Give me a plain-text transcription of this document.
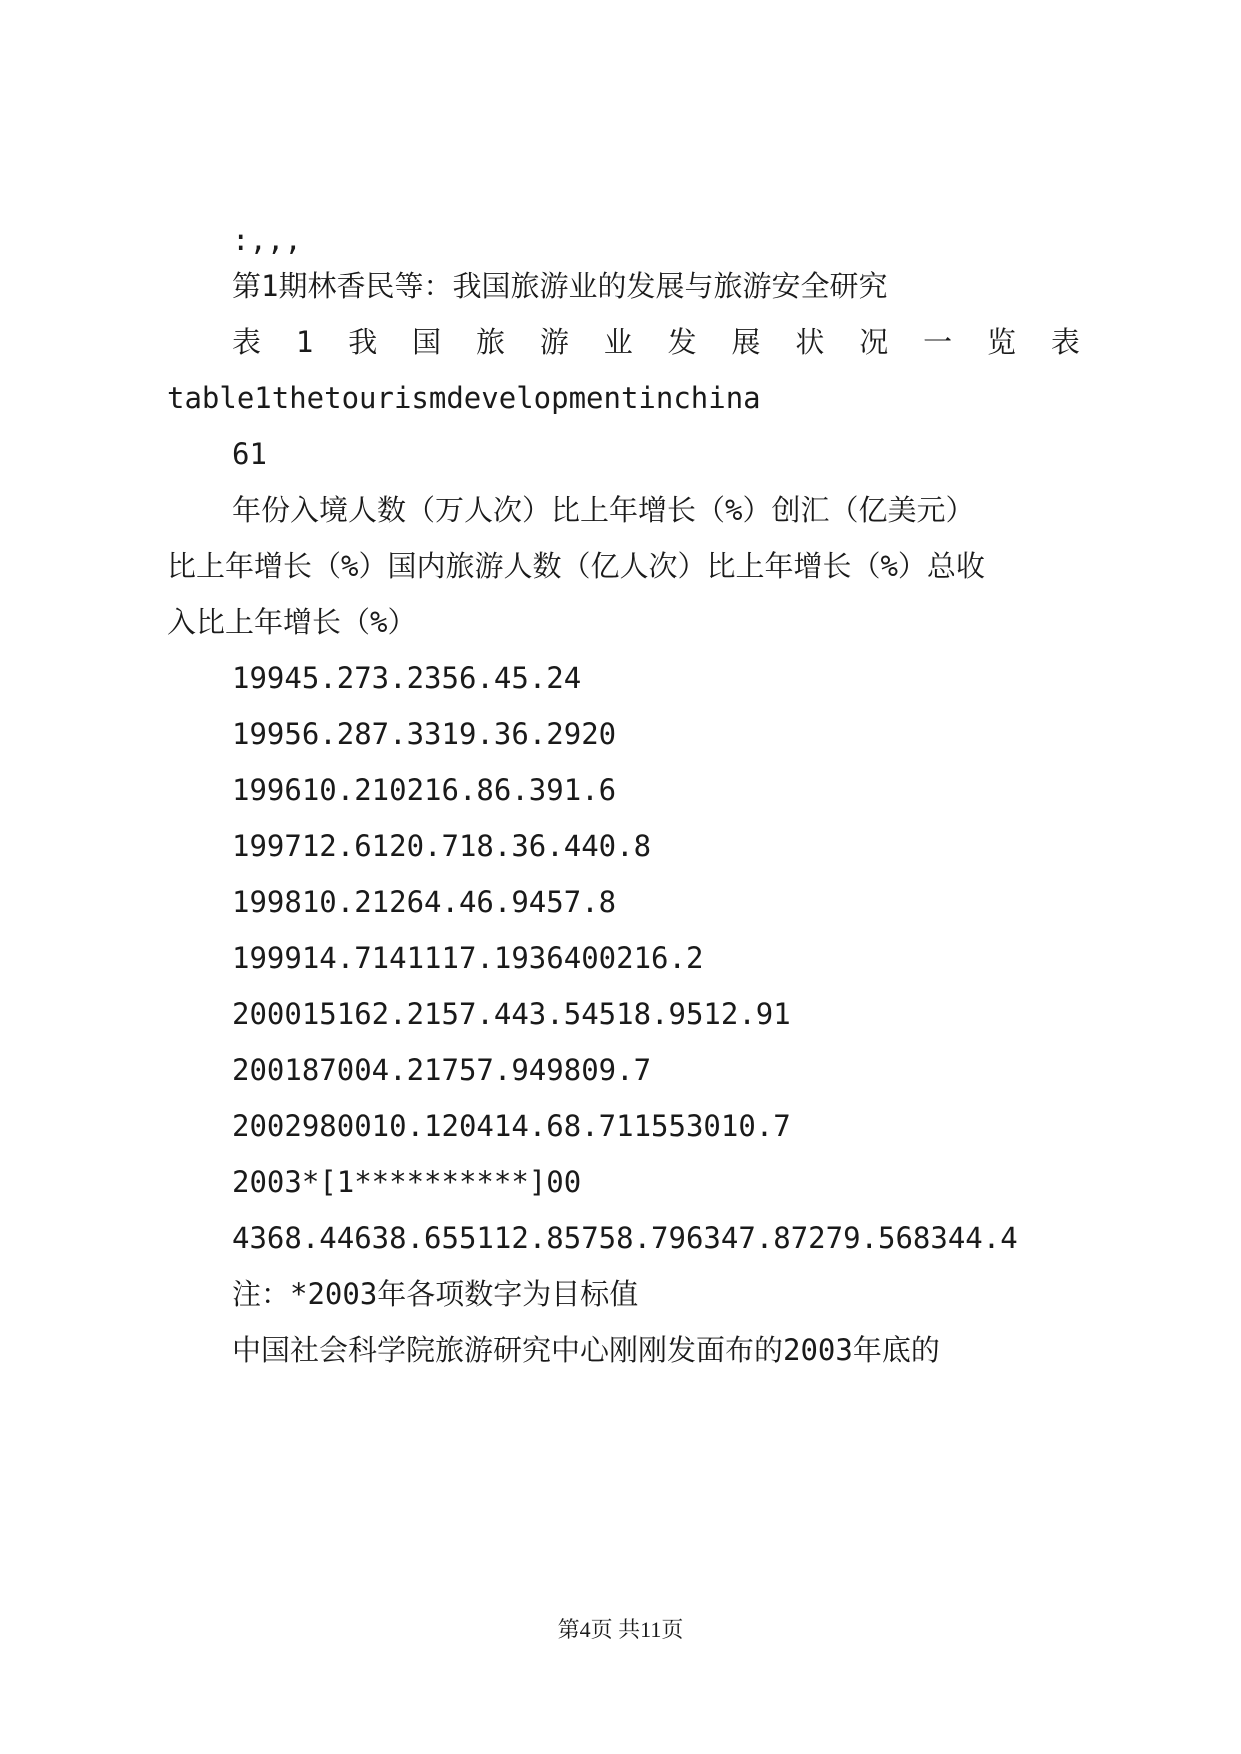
:,,,
第1期林香民等：我国旅游业的发展与旅游安全研究
表 1 我 国 旅 游 业 发 展 状 况 一 览 表
table1thetourismdevelopmentinchina
61
年份入境人数（万人次）比上年增长（%）创汇（亿美元）
比上年增长（%）国内旅游人数（亿人次）比上年增长（%）总收
入比上年增长（%）
19945.273.2356.45.24
19956.287.3319.36.2920
199610.210216.86.391.6
199712.6120.718.36.440.8
199810.21264.46.9457.8
199914.7141117.1936400216.2
200015162.2157.443.54518.9512.91
200187004.21757.949809.7
2002980010.120414.68.711553010.7
2003*[1**********]00
4368.44638.655112.85758.796347.87279.568344.4
注：*2003年各项数字为目标值
中国社会科学院旅游研究中心刚刚发面布的2003年底的
第4页 共11页
